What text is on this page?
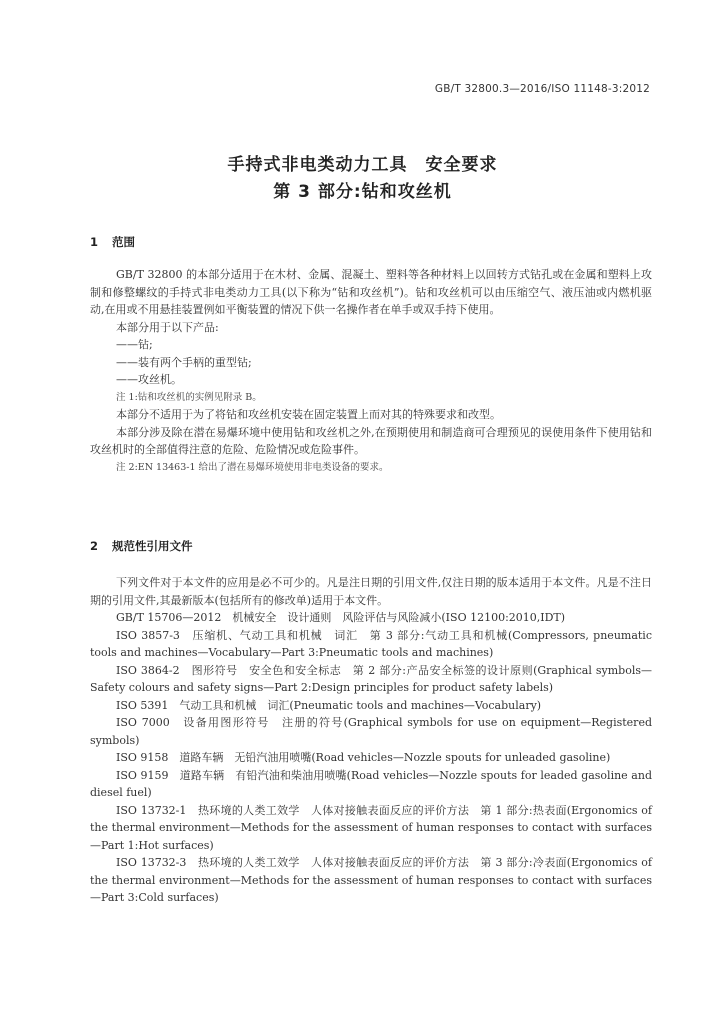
GB/T 32800.3—2016/ISO 11148-3:2012
手持式非电类动力工具　安全要求
第 3 部分:钻和攻丝机
1 范围

GB/T 32800 的本部分适用于在木材、金属、混凝土、塑料等各种材料上以回转方式钻孔或在金属和塑料上攻制和修整螺纹的手持式非电类动力工具(以下称为“钻和攻丝机”)。钻和攻丝机可以由压缩空气、液压油或内燃机驱动,在用或不用悬挂装置例如平衡装置的情况下供一名操作者在单手或双手持下使用。

本部分用于以下产品:

——钻;

——装有两个手柄的重型钻;

——攻丝机。

注 1:钻和攻丝机的实例见附录 B。

本部分不适用于为了将钻和攻丝机安装在固定装置上而对其的特殊要求和改型。

本部分涉及除在潜在易爆环境中使用钻和攻丝机之外,在预期使用和制造商可合理预见的误使用条件下使用钻和攻丝机时的全部值得注意的危险、危险情况或危险事件。

注 2:EN 13463-1 给出了潜在易爆环境使用非电类设备的要求。

2 规范性引用文件

下列文件对于本文件的应用是必不可少的。凡是注日期的引用文件,仅注日期的版本适用于本文件。凡是不注日期的引用文件,其最新版本(包括所有的修改单)适用于本文件。

GB/T 15706—2012　机械安全　设计通则　风险评估与风险减小(ISO 12100:2010,IDT)

ISO 3857-3　压缩机、气动工具和机械　词汇　第 3 部分:气动工具和机械(Compressors, pneumatic tools and machines—Vocabulary—Part 3:Pneumatic tools and machines)

ISO 3864-2　图形符号　安全色和安全标志　第 2 部分:产品安全标签的设计原则(Graphical symbols—Safety colours and safety signs—Part 2:Design principles for product safety labels)

ISO 5391　气动工具和机械　词汇(Pneumatic tools and machines—Vocabulary)

ISO 7000　设备用图形符号　注册的符号(Graphical symbols for use on equipment—Registered symbols)

ISO 9158　道路车辆　无铅汽油用喷嘴(Road vehicles—Nozzle spouts for unleaded gasoline)

ISO 9159　道路车辆　有铅汽油和柴油用喷嘴(Road vehicles—Nozzle spouts for leaded gasoline and diesel fuel)

ISO 13732-1　热环境的人类工效学　人体对接触表面反应的评价方法　第 1 部分:热表面(Ergonomics of the thermal environment—Methods for the assessment of human responses to contact with surfaces—Part 1:Hot surfaces)

ISO 13732-3　热环境的人类工效学　人体对接触表面反应的评价方法　第 3 部分:冷表面(Ergonomics of the thermal environment—Methods for the assessment of human responses to contact with surfaces—Part 3:Cold surfaces)
